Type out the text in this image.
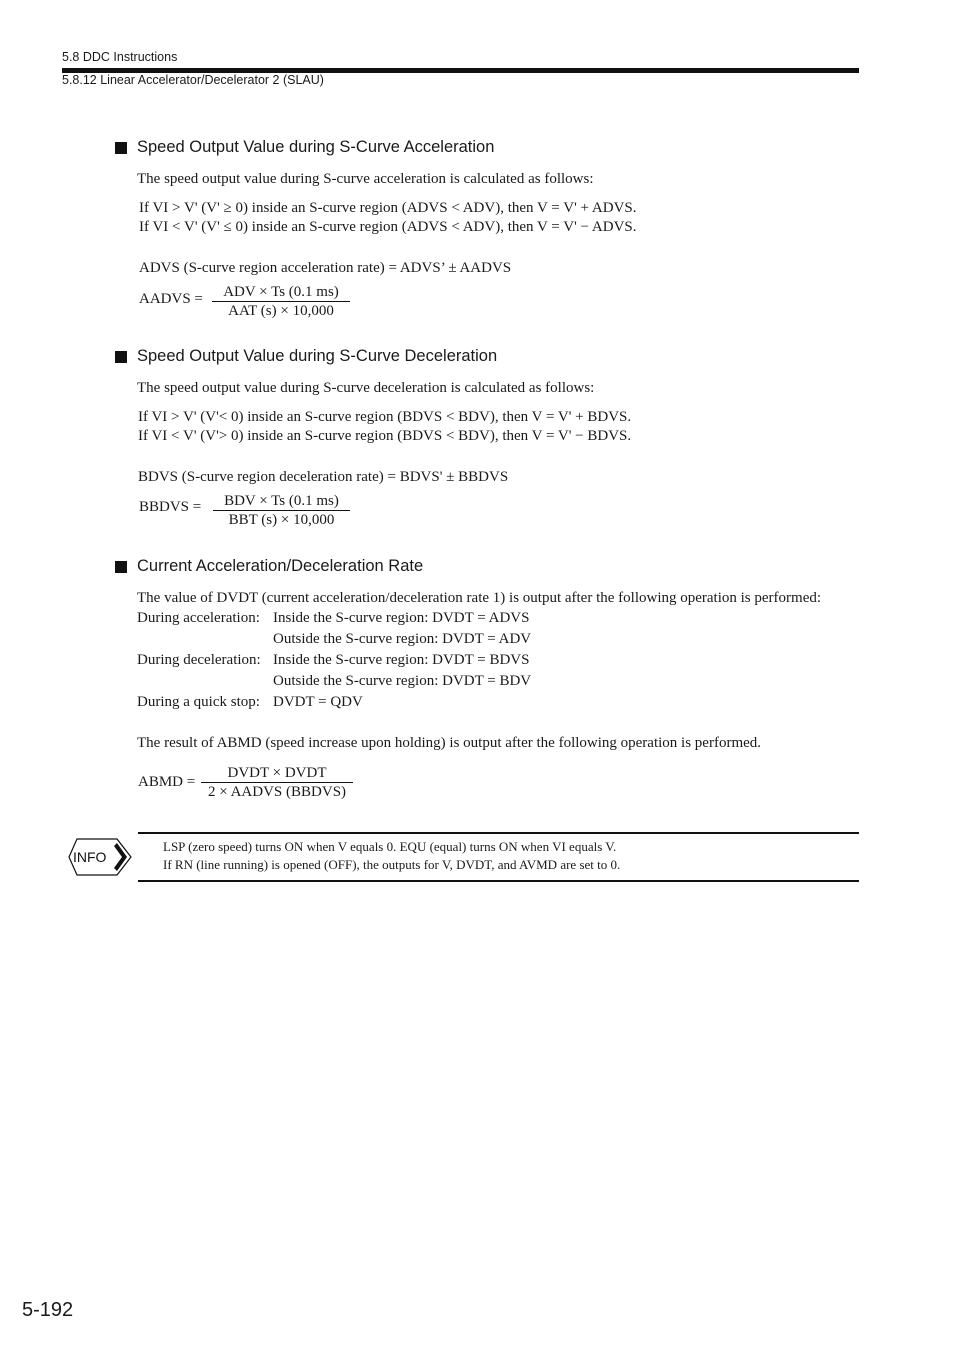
5.8 DDC Instructions
5.8.12 Linear Accelerator/Decelerator 2 (SLAU)
Speed Output Value during S-Curve Acceleration
The speed output value during S-curve acceleration is calculated as follows:
If VI > V' (V' ≥ 0) inside an S-curve region (ADVS < ADV), then V = V' + ADVS.
If VI < V' (V' ≤ 0) inside an S-curve region (ADVS < ADV), then V = V' − ADVS.
ADVS (S-curve region acceleration rate) = ADVS’ ± AADVS
AADVS =	ADV × Ts (0.1 ms)
AAT (s) × 10,000
Speed Output Value during S-Curve Deceleration
The speed output value during S-curve deceleration is calculated as follows:
If VI > V' (V'< 0) inside an S-curve region (BDVS < BDV), then V = V' + BDVS.
If VI < V' (V'> 0) inside an S-curve region (BDVS < BDV), then V = V' − BDVS.
BDVS (S-curve region deceleration rate) = BDVS' ± BBDVS
BBDVS =	BDV × Ts (0.1 ms)
BBT (s) × 10,000
Current Acceleration/Deceleration Rate
The value of DVDT (current acceleration/deceleration rate 1) is output after the following operation is performed:
During acceleration: Inside the S-curve region: DVDT = ADVS
Outside the S-curve region: DVDT = ADV
During deceleration: Inside the S-curve region: DVDT = BDVS
Outside the S-curve region: DVDT = BDV
During a quick stop: DVDT = QDV
The result of ABMD (speed increase upon holding) is output after the following operation is performed.
ABMD =
DVDT × DVDT
2 × AADVS (BBDVS)
INFO
LSP (zero speed) turns ON when V equals 0. EQU (equal) turns ON when VI equals V.
If RN (line running) is opened (OFF), the outputs for V, DVDT, and AVMD are set to 0.
5-192
